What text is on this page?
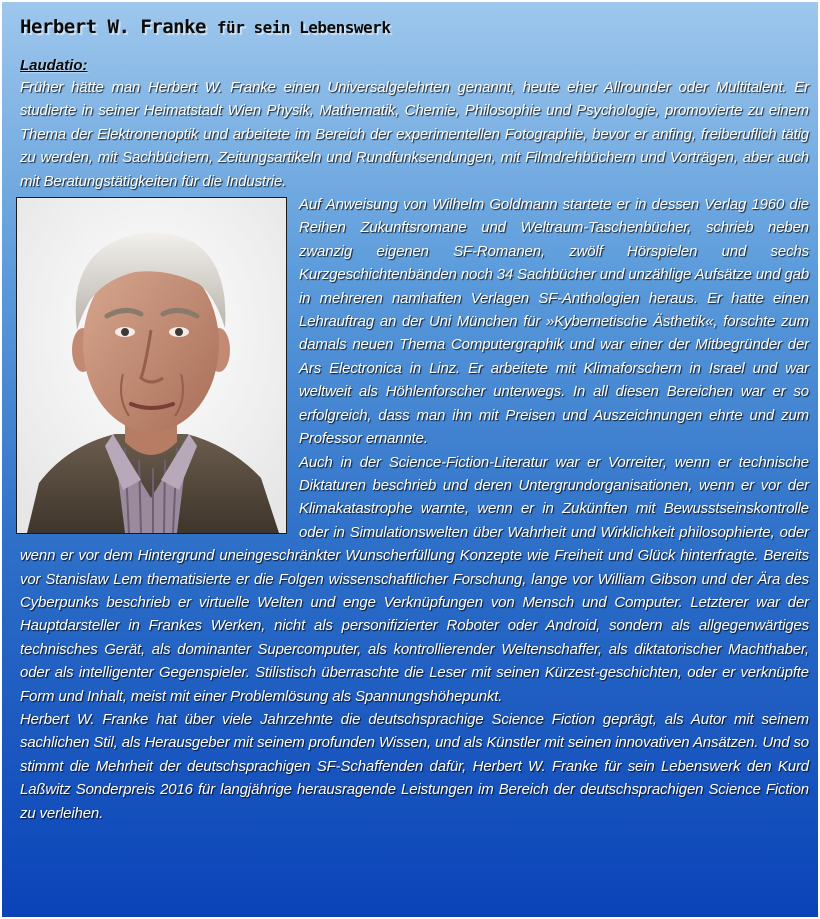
Herbert W. Franke für sein Lebenswerk
Laudatio:

Früher hätte man Herbert W. Franke einen Universalgelehrten genannt, heute eher Allrounder oder Multitalent. Er studierte in seiner Heimatstadt Wien Physik, Mathematik, Chemie, Philosophie und Psychologie, promovierte zu einem Thema der Elektronenoptik und arbeitete im Bereich der experimentellen Fotographie, bevor er anfing, freiberuflich tätig zu werden, mit Sachbüchern, Zeitungsartikeln und Rundfunksendungen, mit Filmdrehbüchern und Vorträgen, aber auch mit Beratungstätigkeiten für die Industrie.

Auf Anweisung von Wilhelm Goldmann startete er in dessen Verlag 1960 die Reihen Zukunftsromane und Weltraum-Taschenbücher, schrieb neben zwanzig eigenen SF-Romanen, zwölf Hörspielen und sechs Kurzgeschichtenbänden noch 34 Sachbücher und unzählige Aufsätze und gab in mehreren namhaften Verlagen SF-Anthologien heraus. Er hatte einen Lehrauftrag an der Uni München für »Kybernetische Ästhetik«, forschte zum damals neuen Thema Computergraphik und war einer der Mitbegründer der Ars Electronica in Linz. Er arbeitete mit Klimaforschern in Israel und war weltweit als Höhlenforscher unterwegs. In all diesen Bereichen war er so erfolgreich, dass man ihn mit Preisen und Auszeichnungen ehrte und zum Professor ernannte.

Auch in der Science-Fiction-Literatur war er Vorreiter, wenn er technische Diktaturen beschrieb und deren Untergrundorganisationen, wenn er vor der Klimakatastrophe warnte, wenn er in Zukünften mit Bewusstseinskontrolle oder in Simulationswelten über Wahrheit und Wirklichkeit philosophierte, oder wenn er vor dem Hintergrund uneingeschränkter Wunscherfüllung Konzepte wie Freiheit und Glück hinterfragte. Bereits vor Stanislaw Lem thematisierte er die Folgen wissenschaftlicher Forschung, lange vor William Gibson und der Ära des Cyberpunks beschrieb er virtuelle Welten und enge Verknüpfungen von Mensch und Computer. Letzterer war der Hauptdarsteller in Frankes Werken, nicht als personifizierter Roboter oder Android, sondern als allgegenwärtiges technisches Gerät, als dominanter Supercomputer, als kontrollierender Weltenschaffer, als diktatorischer Machthaber, oder als intelligenter Gegenspieler. Stilistisch überraschte die Leser mit seinen Kürzest-geschichten, oder er verknüpfte Form und Inhalt, meist mit einer Problemlösung als Spannungshöhepunkt.

Herbert W. Franke hat über viele Jahrzehnte die deutschsprachige Science Fiction geprägt, als Autor mit seinem sachlichen Stil, als Herausgeber mit seinem profunden Wissen, und als Künstler mit seinen innovativen Ansätzen. Und so stimmt die Mehrheit der deutschsprachigen SF-Schaffenden dafür, Herbert W. Franke für sein Lebenswerk den Kurd Laßwitz Sonderpreis 2016 für langjährige herausragende Leistungen im Bereich der deutschsprachigen Science Fiction zu verleihen.
